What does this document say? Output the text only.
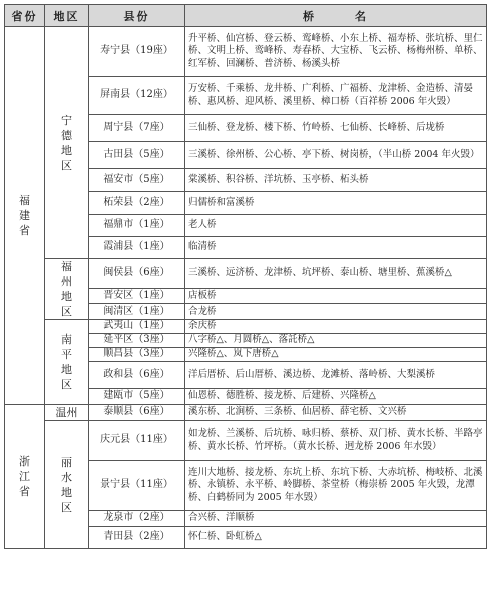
省份	地区	县份	桥　　　名
福建省	宁德地区	寿宁县（19座）	升平桥、仙宫桥、登云桥、鸾峰桥、小东上桥、福寿桥、张坑桥、里仁桥、文明上桥、鸾峰桥、寿春桥、大宝桥、飞云桥、杨梅州桥、单桥、红军桥、回澜桥、普济桥、杨溪头桥
		屏南县（12座）	万安桥、千乘桥、龙井桥、广利桥、广福桥、龙津桥、金造桥、清晏桥、惠风桥、迎风桥、溪里桥、樟口桥（百祥桥 2006 年火毁）
		周宁县（7座）	三仙桥、登龙桥、楼下桥、竹岭桥、七仙桥、长峰桥、后垅桥
		古田县（5座）	三溪桥、徐州桥、公心桥、亭下桥、树岗桥，（半山桥 2004 年火毁）
		福安市（5座）	棠溪桥、积谷桥、洋坑桥、玉亭桥、柘头桥
		柘荣县（2座）	归儒桥和富溪桥
		福鼎市（1座）	老人桥
		霞浦县（1座）	临清桥
	福州地区	闽侯县（6座）	三溪桥、远济桥、龙津桥、坑坪桥、泰山桥、塘里桥、蕉溪桥△
		晋安区（1座）	店板桥
		闽清区（1座）	合龙桥
	南平地区	武夷山（1座）	余庆桥
		延平区（3座）	八字桥△、月圆桥△、落託桥△
		顺昌县（3座）	兴隆桥△、岚下唐桥△
		政和县（6座）	洋后厝桥、后山厝桥、溪边桥、龙滩桥、落岭桥、大梨溪桥
		建瓯市（5座）	仙恩桥、德胜桥、接龙桥、后建桥、兴隆桥△
浙江省	温州	泰顺县（6座）	溪东桥、北涧桥、三条桥、仙居桥、薛宅桥、文兴桥
	丽水地区	庆元县（11座）	如龙桥、兰溪桥、后坑桥、咏归桥、蔡桥、双门桥、黄水长桥、半路亭桥、黄水长桥、竹坪桥。（黄水长桥、迥龙桥 2006 年水毁）
		景宁县（11座）	连川大地桥、接龙桥、东坑上桥、东坑下桥、大赤坑桥、梅岐桥、北溪桥、永镇桥、永平桥、岭脚桥、茶堂桥（梅崇桥 2005 年火毁，龙潭桥、白鹤桥同为 2005 年水毁）
		龙泉市（2座）	合兴桥、洋顺桥
		青田县（2座）	怀仁桥、卧虹桥△
